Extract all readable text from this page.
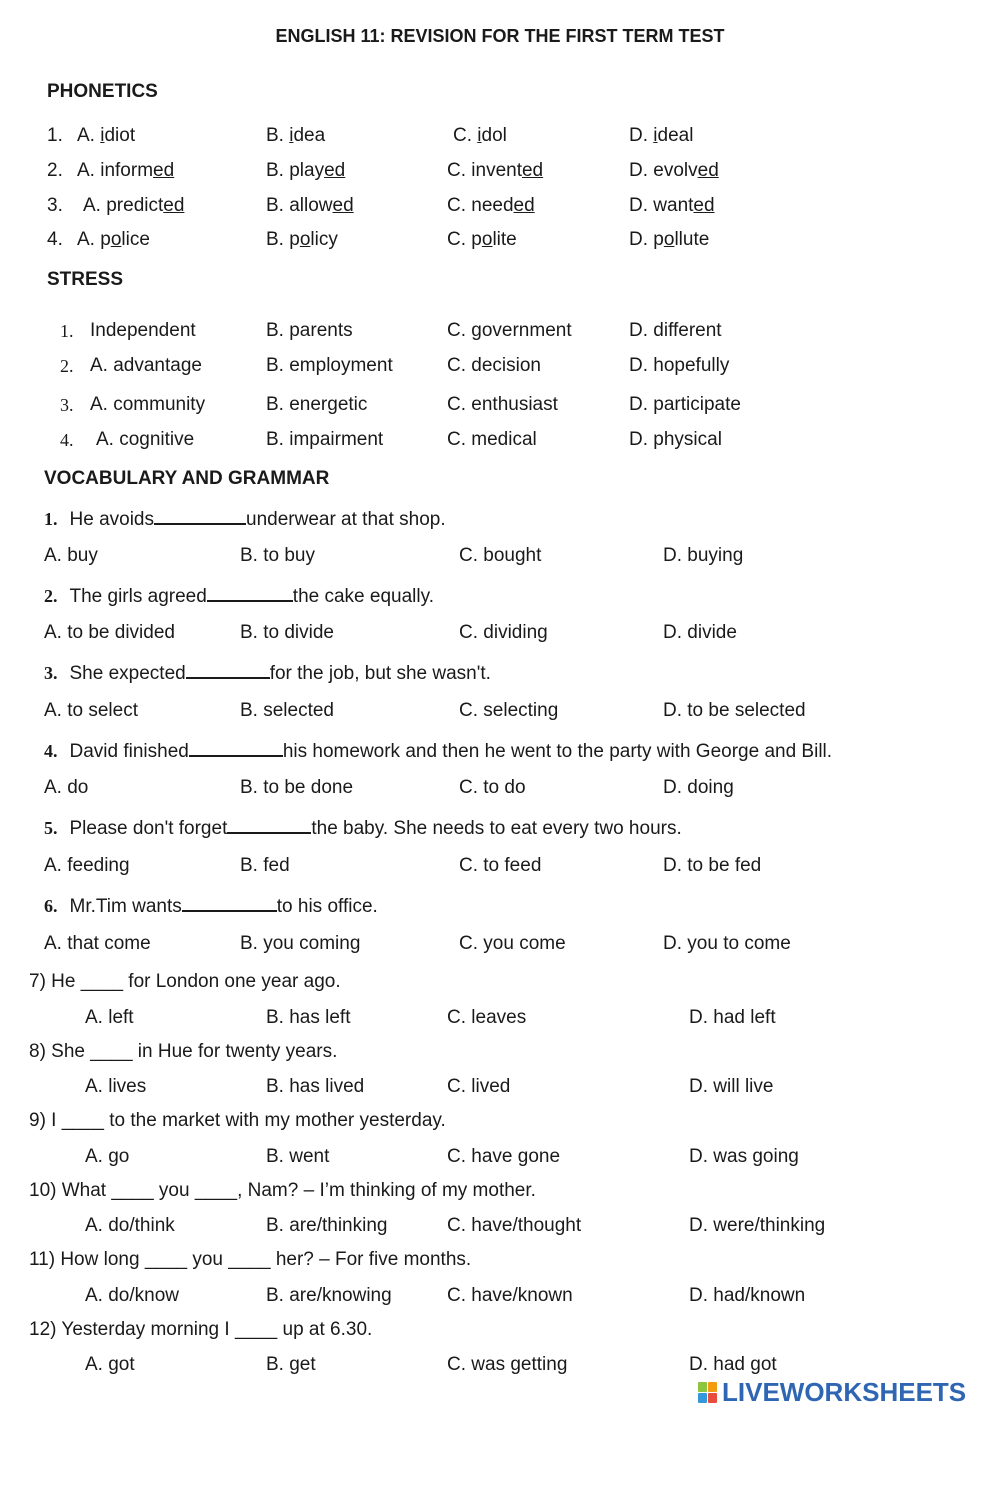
ENGLISH 11: REVISION FOR THE FIRST TERM TEST
PHONETICS
1. A. idiot	B. idea	C. idol	D. ideal
2. A. informed	B. played	C. invented	D. evolved
3. A. predicted	B. allowed	C. needed	D. wanted
4. A. police	B. policy	C. polite	D. pollute
STRESS
1. Independent	B. parents	C. government	D. different
2. A. advantage	B. employment	C. decision	D. hopefully
3. A. community	B. energetic	C. enthusiast	D. participate
4. A. cognitive	B. impairment	C. medical	D. physical
VOCABULARY AND GRAMMAR
1. He avoids	underwear at that shop.
A. buy	B. to buy	C. bought	D. buying
2. The girls agreed	the cake equally.
A. to be divided	B. to divide	C. dividing	D. divide
3. She expected	for the job, but she wasn't.
A. to select	B. selected	C. selecting	D. to be selected
4. David finished	his homework and then he went to the party with George and Bill.
A. do	B. to be done	C. to do	D. doing
5. Please don't forget	the baby. She needs to eat every two hours.
A. feeding	B. fed	C. to feed	D. to be fed
6. Mr.Tim wants	to his office.
A. that come	B. you coming	C. you come	D. you to come
7) He ____ for London one year ago.
A. left	B. has left	C. leaves	D. had left
8) She ____ in Hue for twenty years.
A. lives	B. has lived	C. lived	D. will live
9) I ____ to the market with my mother yesterday.
A. go	B. went	C. have gone	D. was going
10) What ____ you ____, Nam? – I’m thinking of my mother.
A. do/think	B. are/thinking	C. have/thought	D. were/thinking
11) How long ____ you ____ her? – For five months.
A. do/know	B. are/knowing	C. have/known	D. had/known
12) Yesterday morning I ____ up at 6.30.
A. got	B. get	C. was getting	D. had got

LIVEWORKSHEETS
